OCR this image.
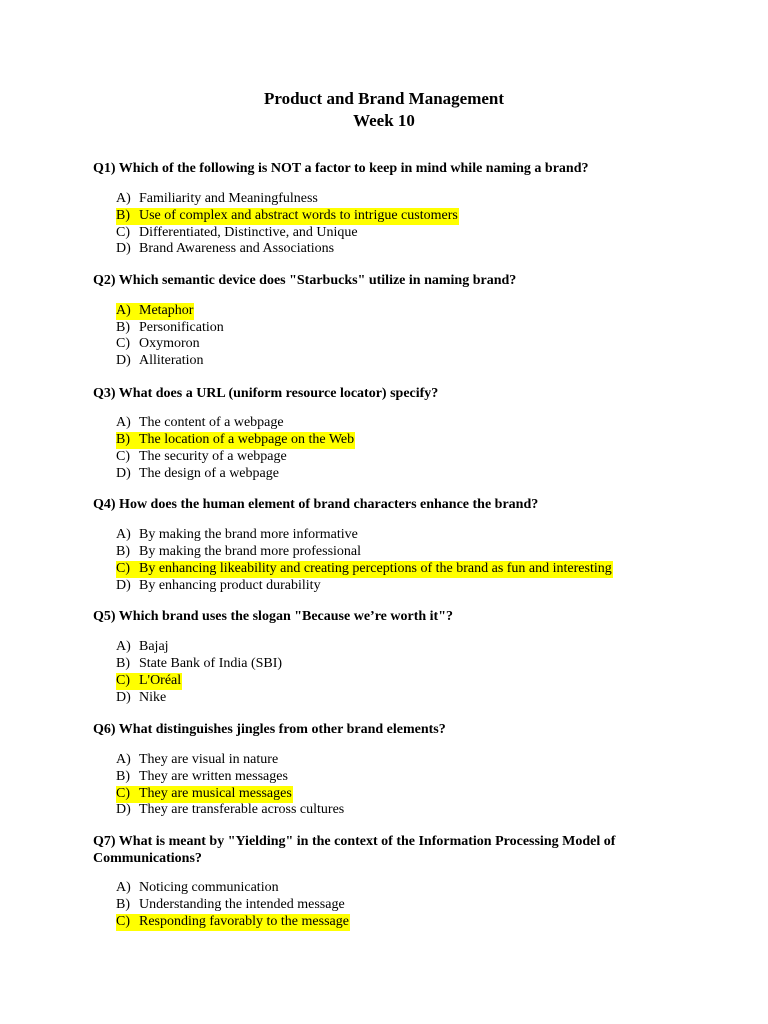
Product and Brand Management
Week 10
Q1) Which of the following is NOT a factor to keep in mind while naming a brand?
A) Familiarity and Meaningfulness
B) Use of complex and abstract words to intrigue customers
C) Differentiated, Distinctive, and Unique
D) Brand Awareness and Associations
Q2) Which semantic device does "Starbucks" utilize in naming brand?
A) Metaphor
B) Personification
C) Oxymoron
D) Alliteration
Q3) What does a URL (uniform resource locator) specify?
A) The content of a webpage
B) The location of a webpage on the Web
C) The security of a webpage
D) The design of a webpage
Q4) How does the human element of brand characters enhance the brand?
A) By making the brand more informative
B) By making the brand more professional
C) By enhancing likeability and creating perceptions of the brand as fun and interesting
D) By enhancing product durability
Q5) Which brand uses the slogan "Because we’re worth it"?
A) Bajaj
B) State Bank of India (SBI)
C) L'Oréal
D) Nike
Q6) What distinguishes jingles from other brand elements?
A) They are visual in nature
B) They are written messages
C) They are musical messages
D) They are transferable across cultures
Q7) What is meant by "Yielding" in the context of the Information Processing Model of Communications?
A) Noticing communication
B) Understanding the intended message
C) Responding favorably to the message
